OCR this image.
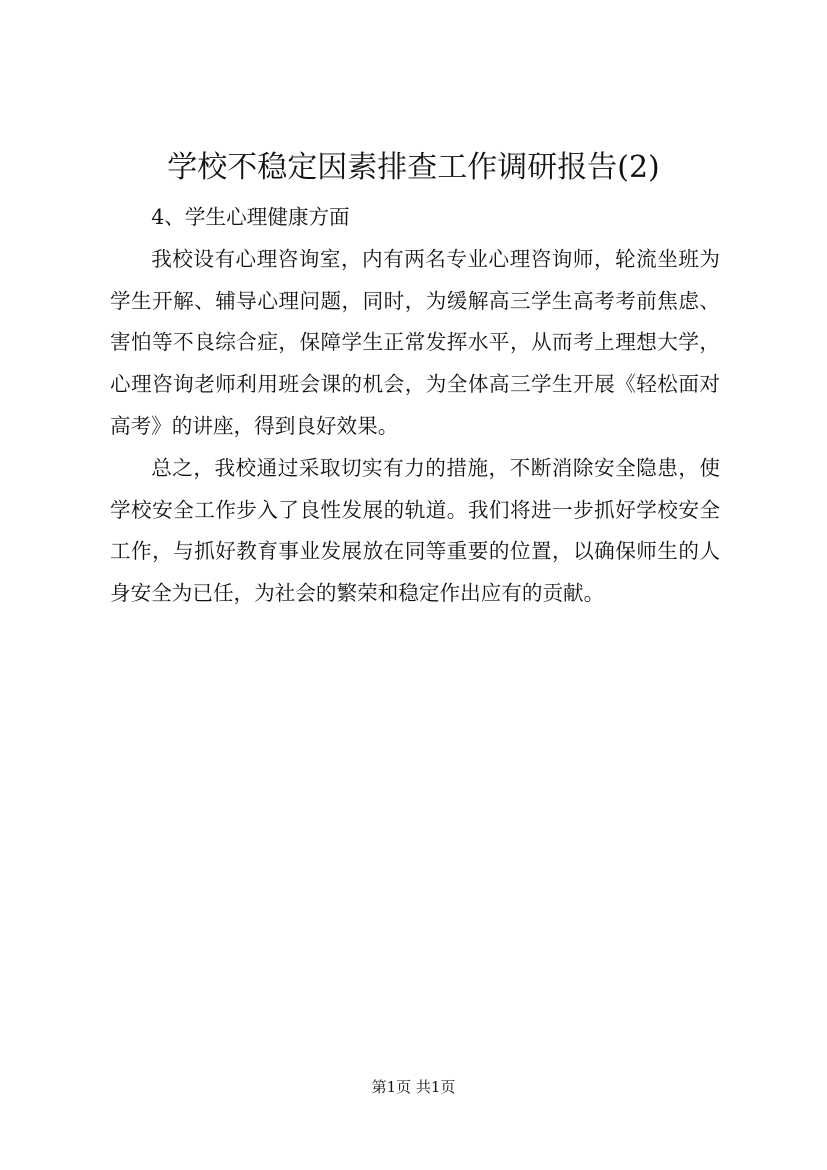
学校不稳定因素排查工作调研报告(2)

4、学生心理健康方面

我校设有心理咨询室，内有两名专业心理咨询师，轮流坐班为学生开解、辅导心理问题，同时，为缓解高三学生高考考前焦虑、害怕等不良综合症，保障学生正常发挥水平，从而考上理想大学，心理咨询老师利用班会课的机会，为全体高三学生开展《轻松面对高考》的讲座，得到良好效果。

总之，我校通过采取切实有力的措施，不断消除安全隐患，使学校安全工作步入了良性发展的轨道。我们将进一步抓好学校安全工作，与抓好教育事业发展放在同等重要的位置，以确保师生的人身安全为已任，为社会的繁荣和稳定作出应有的贡献。

第1页 共1页
